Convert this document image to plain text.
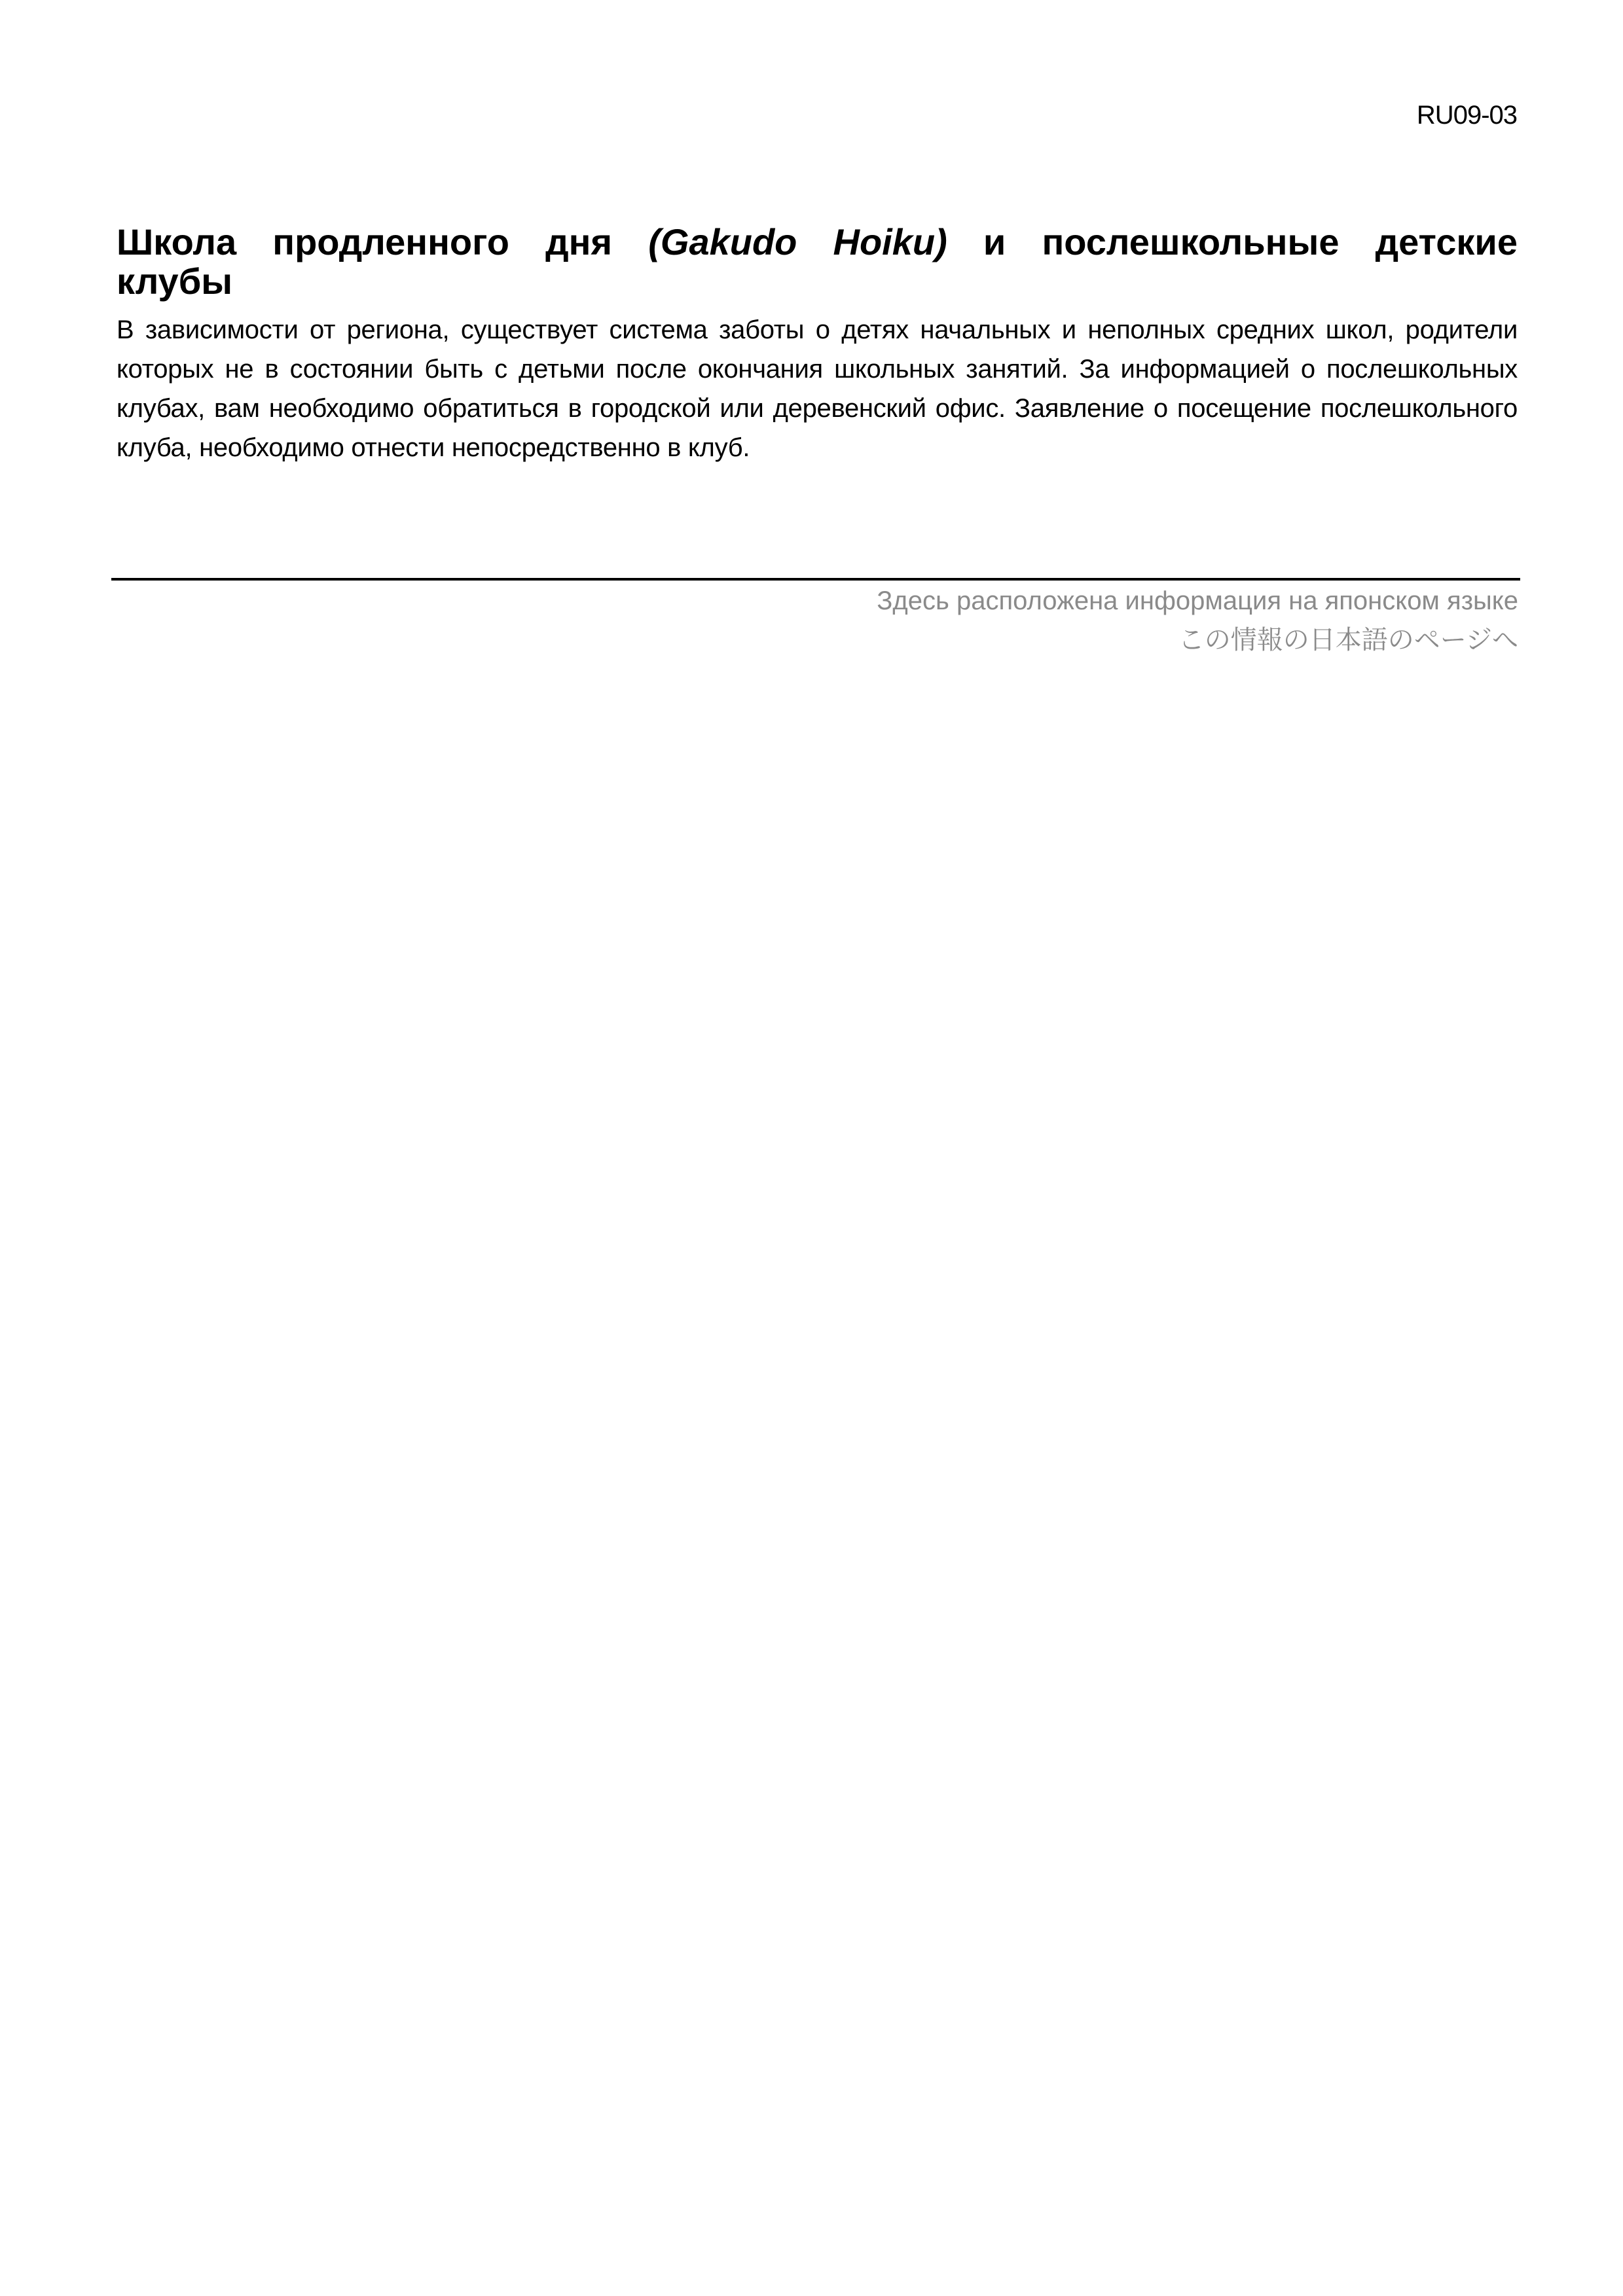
RU09-03
Школа продленного дня (Gakudo Hoiku) и послешкольные детские клубы

В зависимости от региона, существует система заботы о детях начальных и неполных средних школ, родители которых не в состоянии быть с детьми после окончания школьных занятий. За информацией о послешкольных клубах, вам необходимо обратиться в городской или деревенский офис. Заявление о посещение послешкольного клуба, необходимо отнести непосредственно в клуб.

Здесь расположена информация на японском языке
この情報の日本語のページへ
